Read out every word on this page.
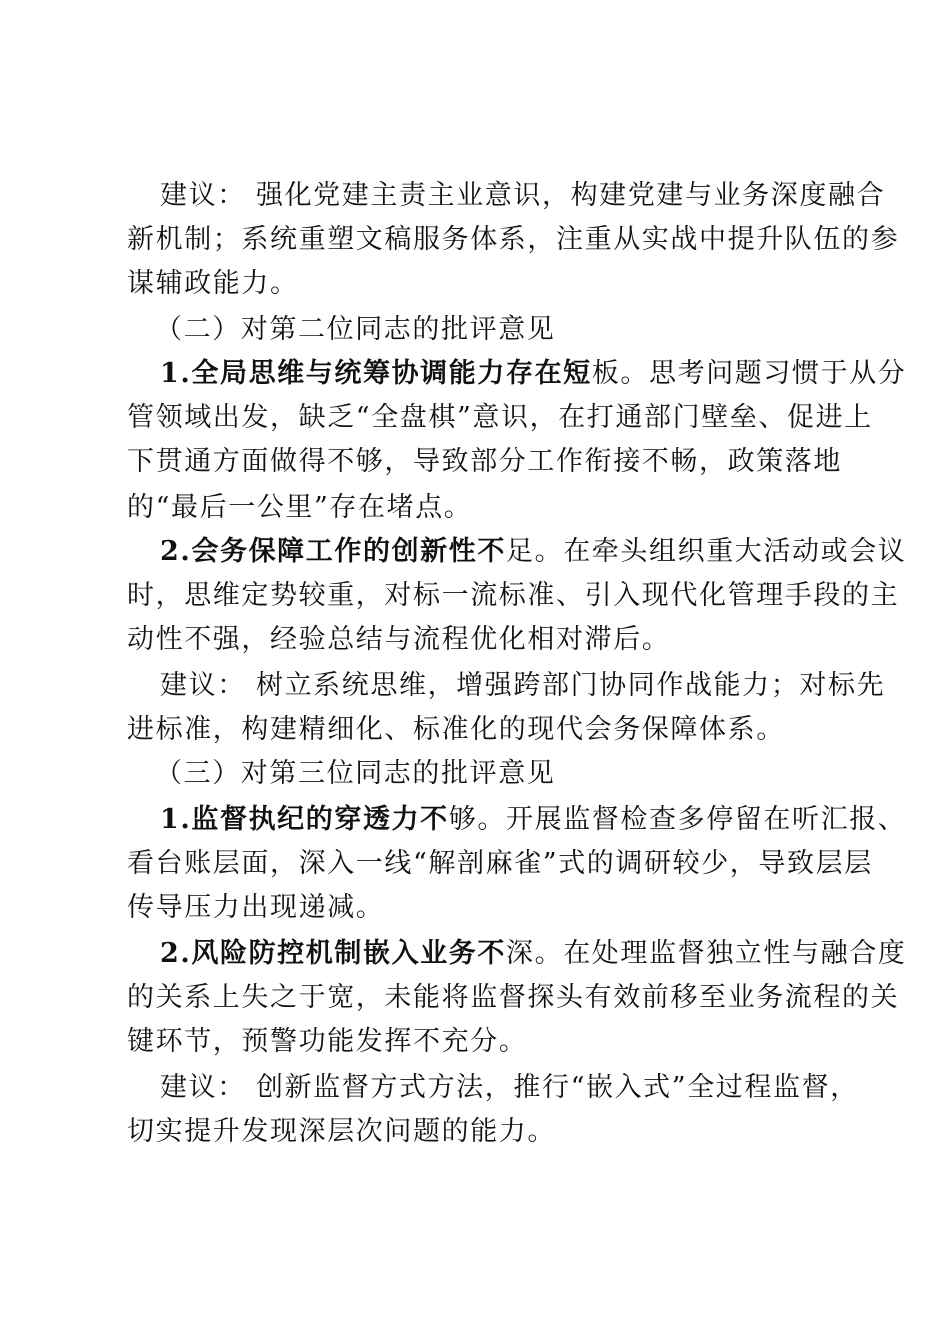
建议： 强化党建主责主业意识，构建党建与业务深度融合

新机制；系统重塑文稿服务体系，注重从实战中提升队伍的参

谋辅政能力。

（二）对第二位同志的批评意见

1.全局思维与统筹协调能力存在短板。思考问题习惯于从分

管领域出发，缺乏“全盘棋”意识，在打通部门壁垒、促进上

下贯通方面做得不够，导致部分工作衔接不畅，政策落地

的“最后一公里”存在堵点。

2.会务保障工作的创新性不足。在牵头组织重大活动或会议

时，思维定势较重，对标一流标准、引入现代化管理手段的主

动性不强，经验总结与流程优化相对滞后。

建议： 树立系统思维，增强跨部门协同作战能力；对标先

进标准，构建精细化、标准化的现代会务保障体系。

（三）对第三位同志的批评意见

1.监督执纪的穿透力不够。开展监督检查多停留在听汇报、

看台账层面，深入一线“解剖麻雀”式的调研较少，导致层层

传导压力出现递减。

2.风险防控机制嵌入业务不深。在处理监督独立性与融合度

的关系上失之于宽，未能将监督探头有效前移至业务流程的关

键环节，预警功能发挥不充分。

建议： 创新监督方式方法，推行“嵌入式”全过程监督，

切实提升发现深层次问题的能力。
